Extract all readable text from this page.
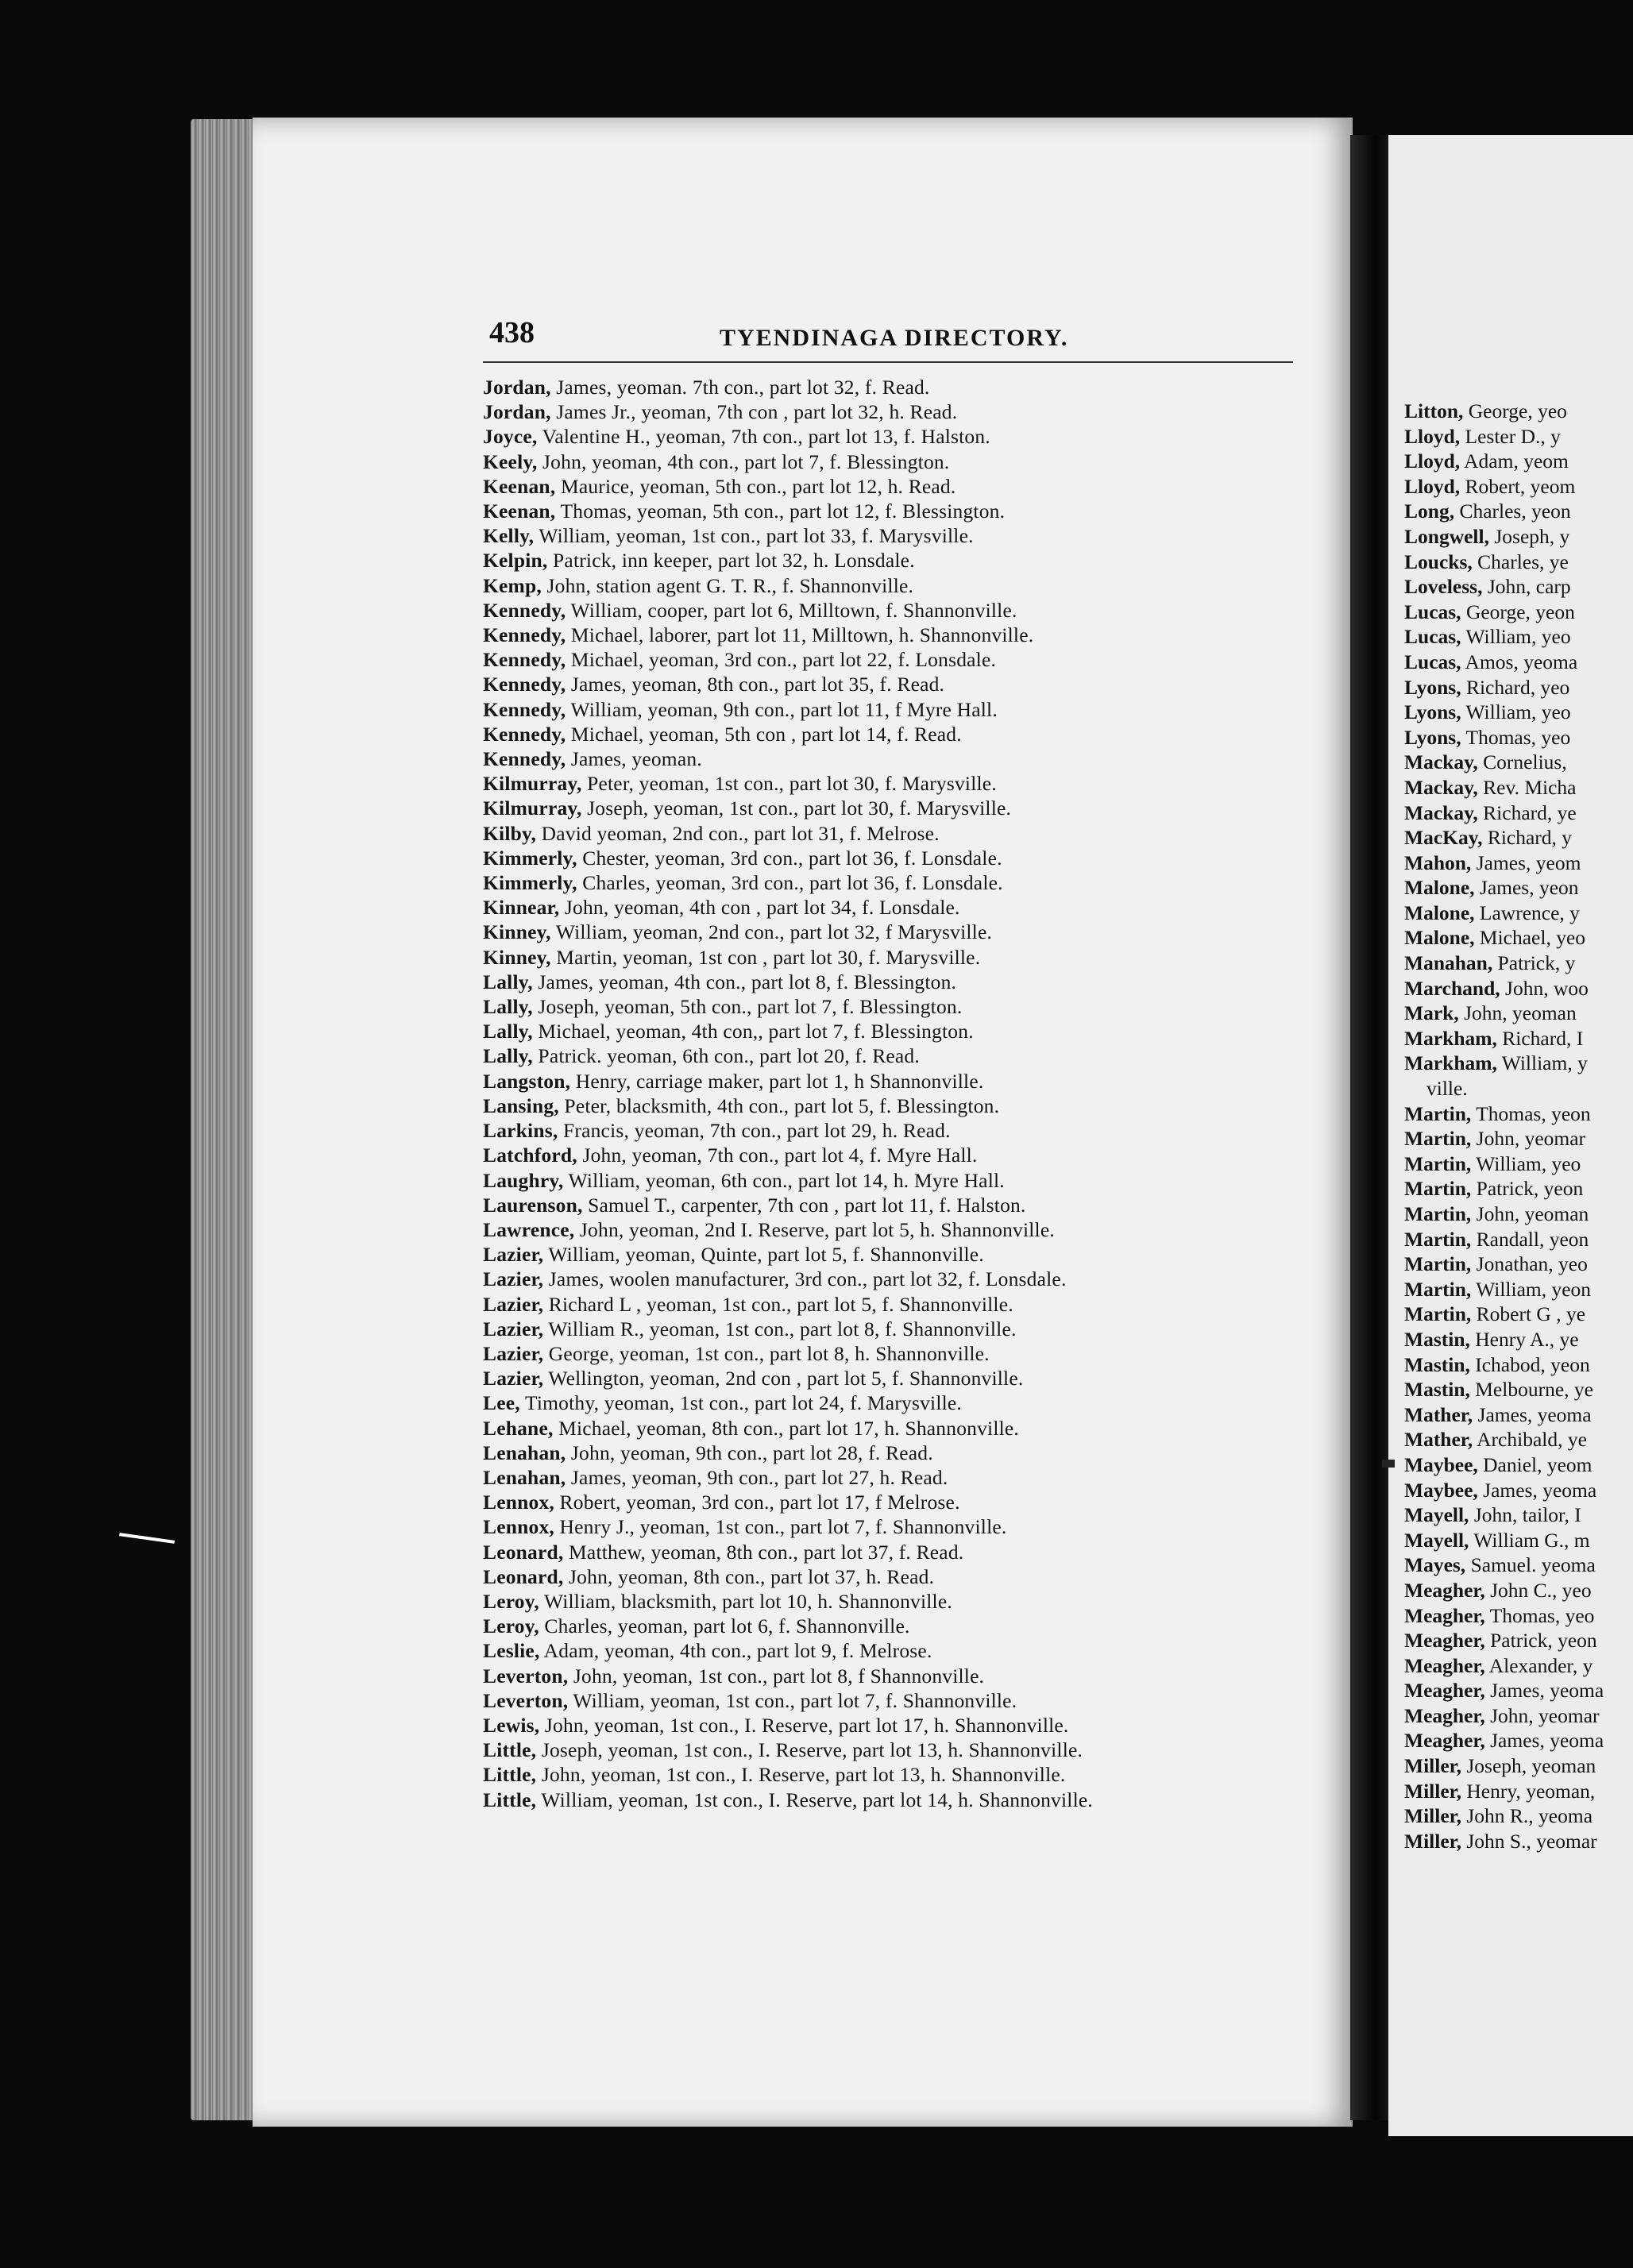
438	TYENDINAGA DIRECTORY.
Jordan, James, yeoman. 7th con., part lot 32, f. Read.
Jordan, James Jr., yeoman, 7th con , part lot 32, h. Read.
Joyce, Valentine H., yeoman, 7th con., part lot 13, f. Halston.
Keely, John, yeoman, 4th con., part lot 7, f. Blessington.
Keenan, Maurice, yeoman, 5th con., part lot 12, h. Read.
Keenan, Thomas, yeoman, 5th con., part lot 12, f. Blessington.
Kelly, William, yeoman, 1st con., part lot 33, f. Marysville.
Kelpin, Patrick, inn keeper, part lot 32, h. Lonsdale.
Kemp, John, station agent G. T. R., f. Shannonville.
Kennedy, William, cooper, part lot 6, Milltown, f. Shannonville.
Kennedy, Michael, laborer, part lot 11, Milltown, h. Shannonville.
Kennedy, Michael, yeoman, 3rd con., part lot 22, f. Lonsdale.
Kennedy, James, yeoman, 8th con., part lot 35, f. Read.
Kennedy, William, yeoman, 9th con., part lot 11, f Myre Hall.
Kennedy, Michael, yeoman, 5th con , part lot 14, f. Read.
Kennedy, James, yeoman.
Kilmurray, Peter, yeoman, 1st con., part lot 30, f. Marysville.
Kilmurray, Joseph, yeoman, 1st con., part lot 30, f. Marysville.
Kilby, David yeoman, 2nd con., part lot 31, f. Melrose.
Kimmerly, Chester, yeoman, 3rd con., part lot 36, f. Lonsdale.
Kimmerly, Charles, yeoman, 3rd con., part lot 36, f. Lonsdale.
Kinnear, John, yeoman, 4th con , part lot 34, f. Lonsdale.
Kinney, William, yeoman, 2nd con., part lot 32, f Marysville.
Kinney, Martin, yeoman, 1st con , part lot 30, f. Marysville.
Lally, James, yeoman, 4th con., part lot 8, f. Blessington.
Lally, Joseph, yeoman, 5th con., part lot 7, f. Blessington.
Lally, Michael, yeoman, 4th con,, part lot 7, f. Blessington.
Lally, Patrick. yeoman, 6th con., part lot 20, f. Read.
Langston, Henry, carriage maker, part lot 1, h Shannonville.
Lansing, Peter, blacksmith, 4th con., part lot 5, f. Blessington.
Larkins, Francis, yeoman, 7th con., part lot 29, h. Read.
Latchford, John, yeoman, 7th con., part lot 4, f. Myre Hall.
Laughry, William, yeoman, 6th con., part lot 14, h. Myre Hall.
Laurenson, Samuel T., carpenter, 7th con , part lot 11, f. Halston.
Lawrence, John, yeoman, 2nd I. Reserve, part lot 5, h. Shannonville.
Lazier, William, yeoman, Quinte, part lot 5, f. Shannonville.
Lazier, James, woolen manufacturer, 3rd con., part lot 32, f. Lonsdale.
Lazier, Richard L , yeoman, 1st con., part lot 5, f. Shannonville.
Lazier, William R., yeoman, 1st con., part lot 8, f. Shannonville.
Lazier, George, yeoman, 1st con., part lot 8, h. Shannonville.
Lazier, Wellington, yeoman, 2nd con , part lot 5, f. Shannonville.
Lee, Timothy, yeoman, 1st con., part lot 24, f. Marysville.
Lehane, Michael, yeoman, 8th con., part lot 17, h. Shannonville.
Lenahan, John, yeoman, 9th con., part lot 28, f. Read.
Lenahan, James, yeoman, 9th con., part lot 27, h. Read.
Lennox, Robert, yeoman, 3rd con., part lot 17, f Melrose.
Lennox, Henry J., yeoman, 1st con., part lot 7, f. Shannonville.
Leonard, Matthew, yeoman, 8th con., part lot 37, f. Read.
Leonard, John, yeoman, 8th con., part lot 37, h. Read.
Leroy, William, blacksmith, part lot 10, h. Shannonville.
Leroy, Charles, yeoman, part lot 6, f. Shannonville.
Leslie, Adam, yeoman, 4th con., part lot 9, f. Melrose.
Leverton, John, yeoman, 1st con., part lot 8, f Shannonville.
Leverton, William, yeoman, 1st con., part lot 7, f. Shannonville.
Lewis, John, yeoman, 1st con., I. Reserve, part lot 17, h. Shannonville.
Little, Joseph, yeoman, 1st con., I. Reserve, part lot 13, h. Shannonville.
Little, John, yeoman, 1st con., I. Reserve, part lot 13, h. Shannonville.
Little, William, yeoman, 1st con., I. Reserve, part lot 14, h. Shannonville.
Litton, George, yeo
Lloyd, Lester D., y
Lloyd, Adam, yeom
Lloyd, Robert, yeom
Long, Charles, yeon
Longwell, Joseph, y
Loucks, Charles, ye
Loveless, John, carp
Lucas, George, yeon
Lucas, William, yeo
Lucas, Amos, yeoma
Lyons, Richard, yeo
Lyons, William, yeo
Lyons, Thomas, yeo
Mackay, Cornelius,
Mackay, Rev. Micha
Mackay, Richard, ye
MacKay, Richard, y
Mahon, James, yeom
Malone, James, yeon
Malone, Lawrence, y
Malone, Michael, yeo
Manahan, Patrick, y
Marchand, John, woo
Mark, John, yeoman
Markham, Richard, I
Markham, William, y
ville.
Martin, Thomas, yeon
Martin, John, yeomar
Martin, William, yeo
Martin, Patrick, yeon
Martin, John, yeoman
Martin, Randall, yeon
Martin, Jonathan, yeo
Martin, William, yeon
Martin, Robert G , ye
Mastin, Henry A., ye
Mastin, Ichabod, yeon
Mastin, Melbourne, ye
Mather, James, yeoma
Mather, Archibald, ye
Maybee, Daniel, yeom
Maybee, James, yeoma
Mayell, John, tailor, I
Mayell, William G., m
Mayes, Samuel. yeoma
Meagher, John C., yeo
Meagher, Thomas, yeo
Meagher, Patrick, yeon
Meagher, Alexander, y
Meagher, James, yeoma
Meagher, John, yeomar
Meagher, James, yeoma
Miller, Joseph, yeoman
Miller, Henry, yeoman,
Miller, John R., yeoma
Miller, John S., yeomar
